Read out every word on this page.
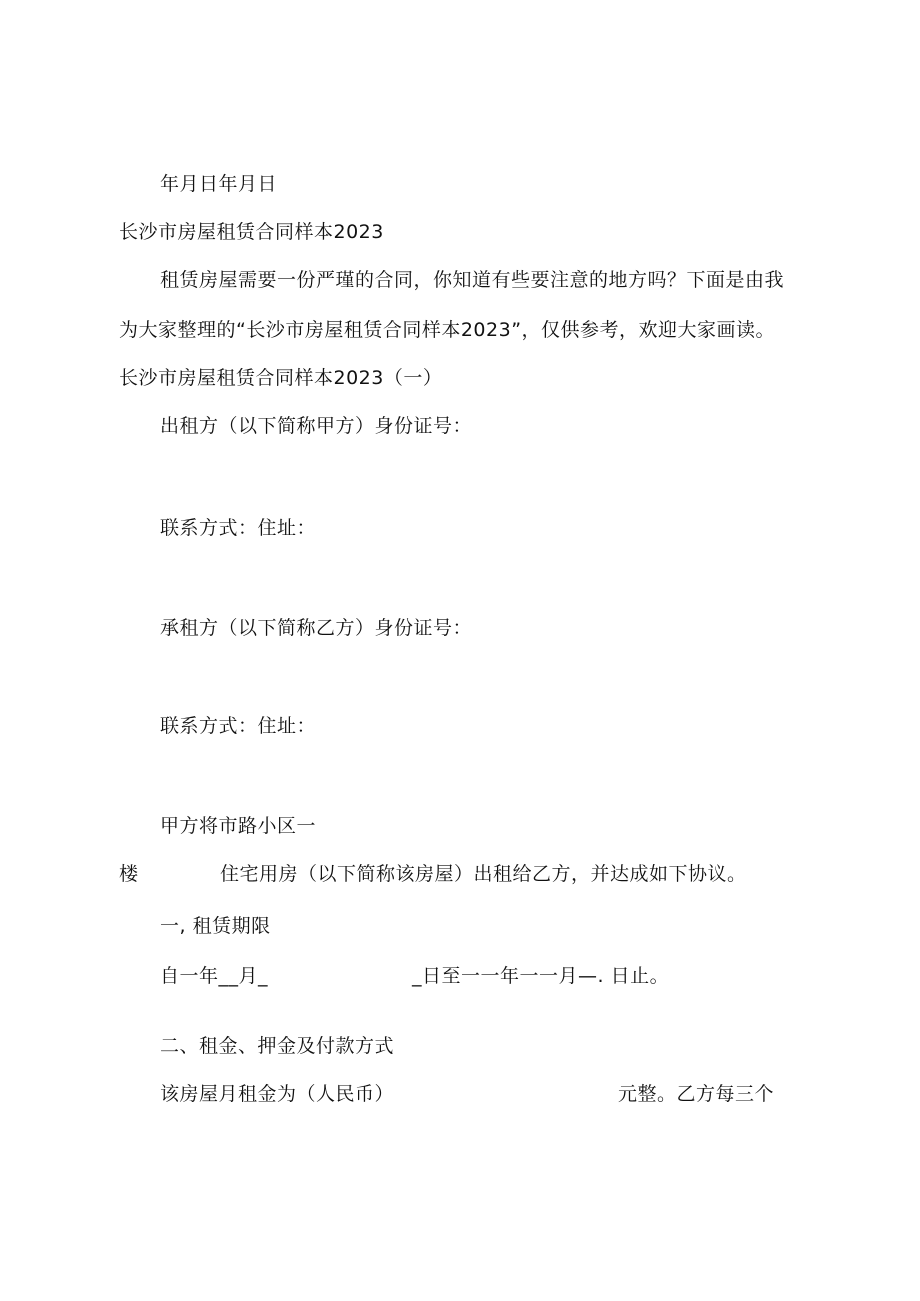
年月日年月日
长沙市房屋租赁合同样本2023
租赁房屋需要一份严瑾的合同，你知道有些要注意的地方吗？下面是由我
为大家整理的“长沙市房屋租赁合同样本2023”，仅供参考，欢迎大家画读。
长沙市房屋租赁合同样本2023（一）
出租方（以下简称甲方）身份证号：
联系方式：住址：
承租方（以下简称乙方）身份证号：
联系方式：住址：
甲方将市路小区一
楼	住宅用房（以下简称该房屋）出租给乙方，并达成如下协议。
一, 租赁期限
自一年__月_	_日至一一年一一月—. 日止。
二、租金、押金及付款方式
该房屋月租金为（人民币）	元整。乙方每三个
